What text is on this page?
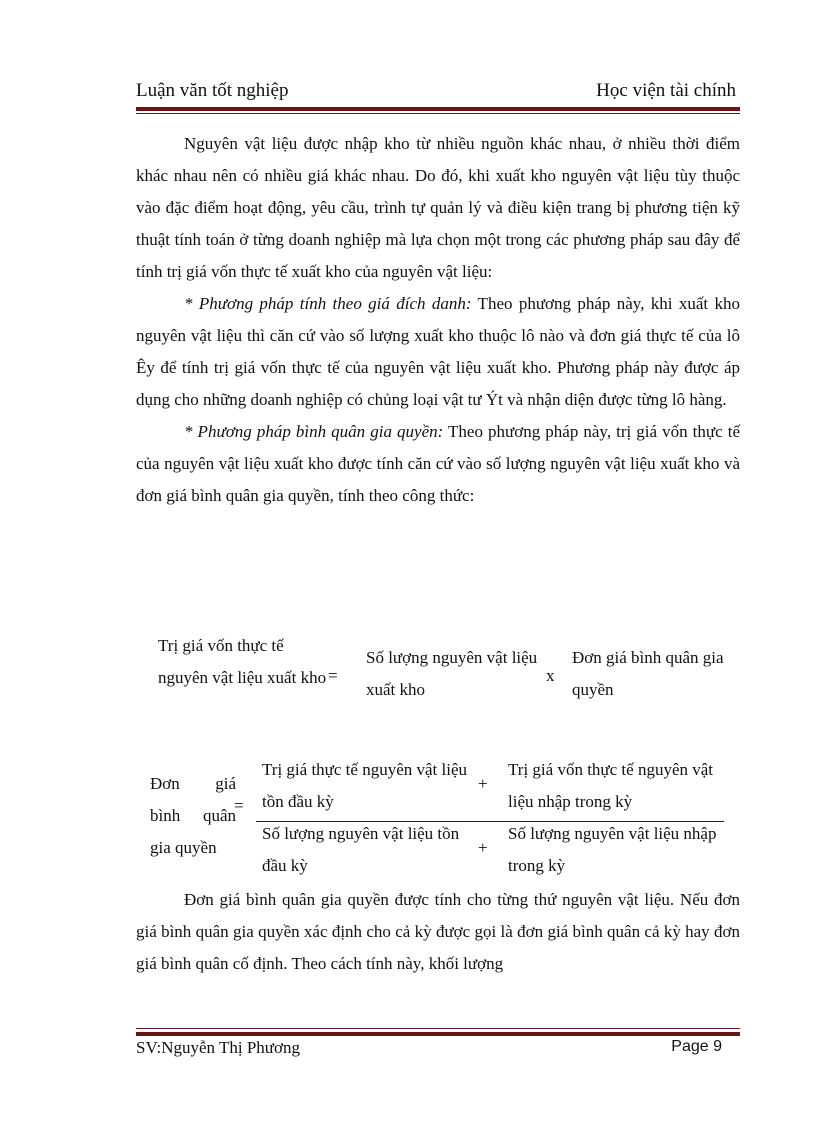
Luận văn tốt nghiệp	Học viện tài chính

Nguyên vật liệu được nhập kho từ nhiều nguồn khác nhau, ở nhiều thời điểm khác nhau nên có nhiều giá khác nhau. Do đó, khi xuất kho nguyên vật liệu tùy thuộc vào đặc điểm hoạt động, yêu cầu, trình tự quản lý và điều kiện trang bị phương tiện kỹ thuật tính toán ở từng doanh nghiệp mà lựa chọn một trong các phương pháp sau đây để tính trị giá vốn thực tế xuất kho của nguyên vật liệu:

* Phương pháp tính theo giá đích danh: Theo phương pháp này, khi xuất kho nguyên vật liệu thì căn cứ vào số lượng xuất kho thuộc lô nào và đơn giá thực tế của lô Êy để tính trị giá vốn thực tế của nguyên vật liệu xuất kho. Phương pháp này được áp dụng cho những doanh nghiệp có chủng loại vật tư Ýt và nhận diện được từng lô hàng.

* Phương pháp bình quân gia quyền: Theo phương pháp này, trị giá vốn thực tế của nguyên vật liệu xuất kho được tính căn cứ vào số lượng nguyên vật liệu xuất kho và đơn giá bình quân gia quyền, tính theo công thức:

Trị giá vốn thực tế nguyên vật liệu xuất kho =
Số lượng nguyên vật liệu xuất kho
x
Đơn giá bình quân gia quyền
Đơn giá bình quân gia quyền
=
Trị giá thực tế nguyên vật liệu tồn đầu kỳ
+
Trị giá vốn thực tế nguyên vật liệu nhập trong kỳ
Số lượng nguyên vật liệu tồn đầu kỳ
+
Số lượng nguyên vật liệu nhập trong kỳ

Đơn giá bình quân gia quyền được tính cho từng thứ nguyên vật liệu. Nếu đơn giá bình quân gia quyền xác định cho cả kỳ được gọi là đơn giá bình quân cả kỳ hay đơn giá bình quân cố định. Theo cách tính này, khối lượng

SV:Nguyễn Thị Phương	Page 9
